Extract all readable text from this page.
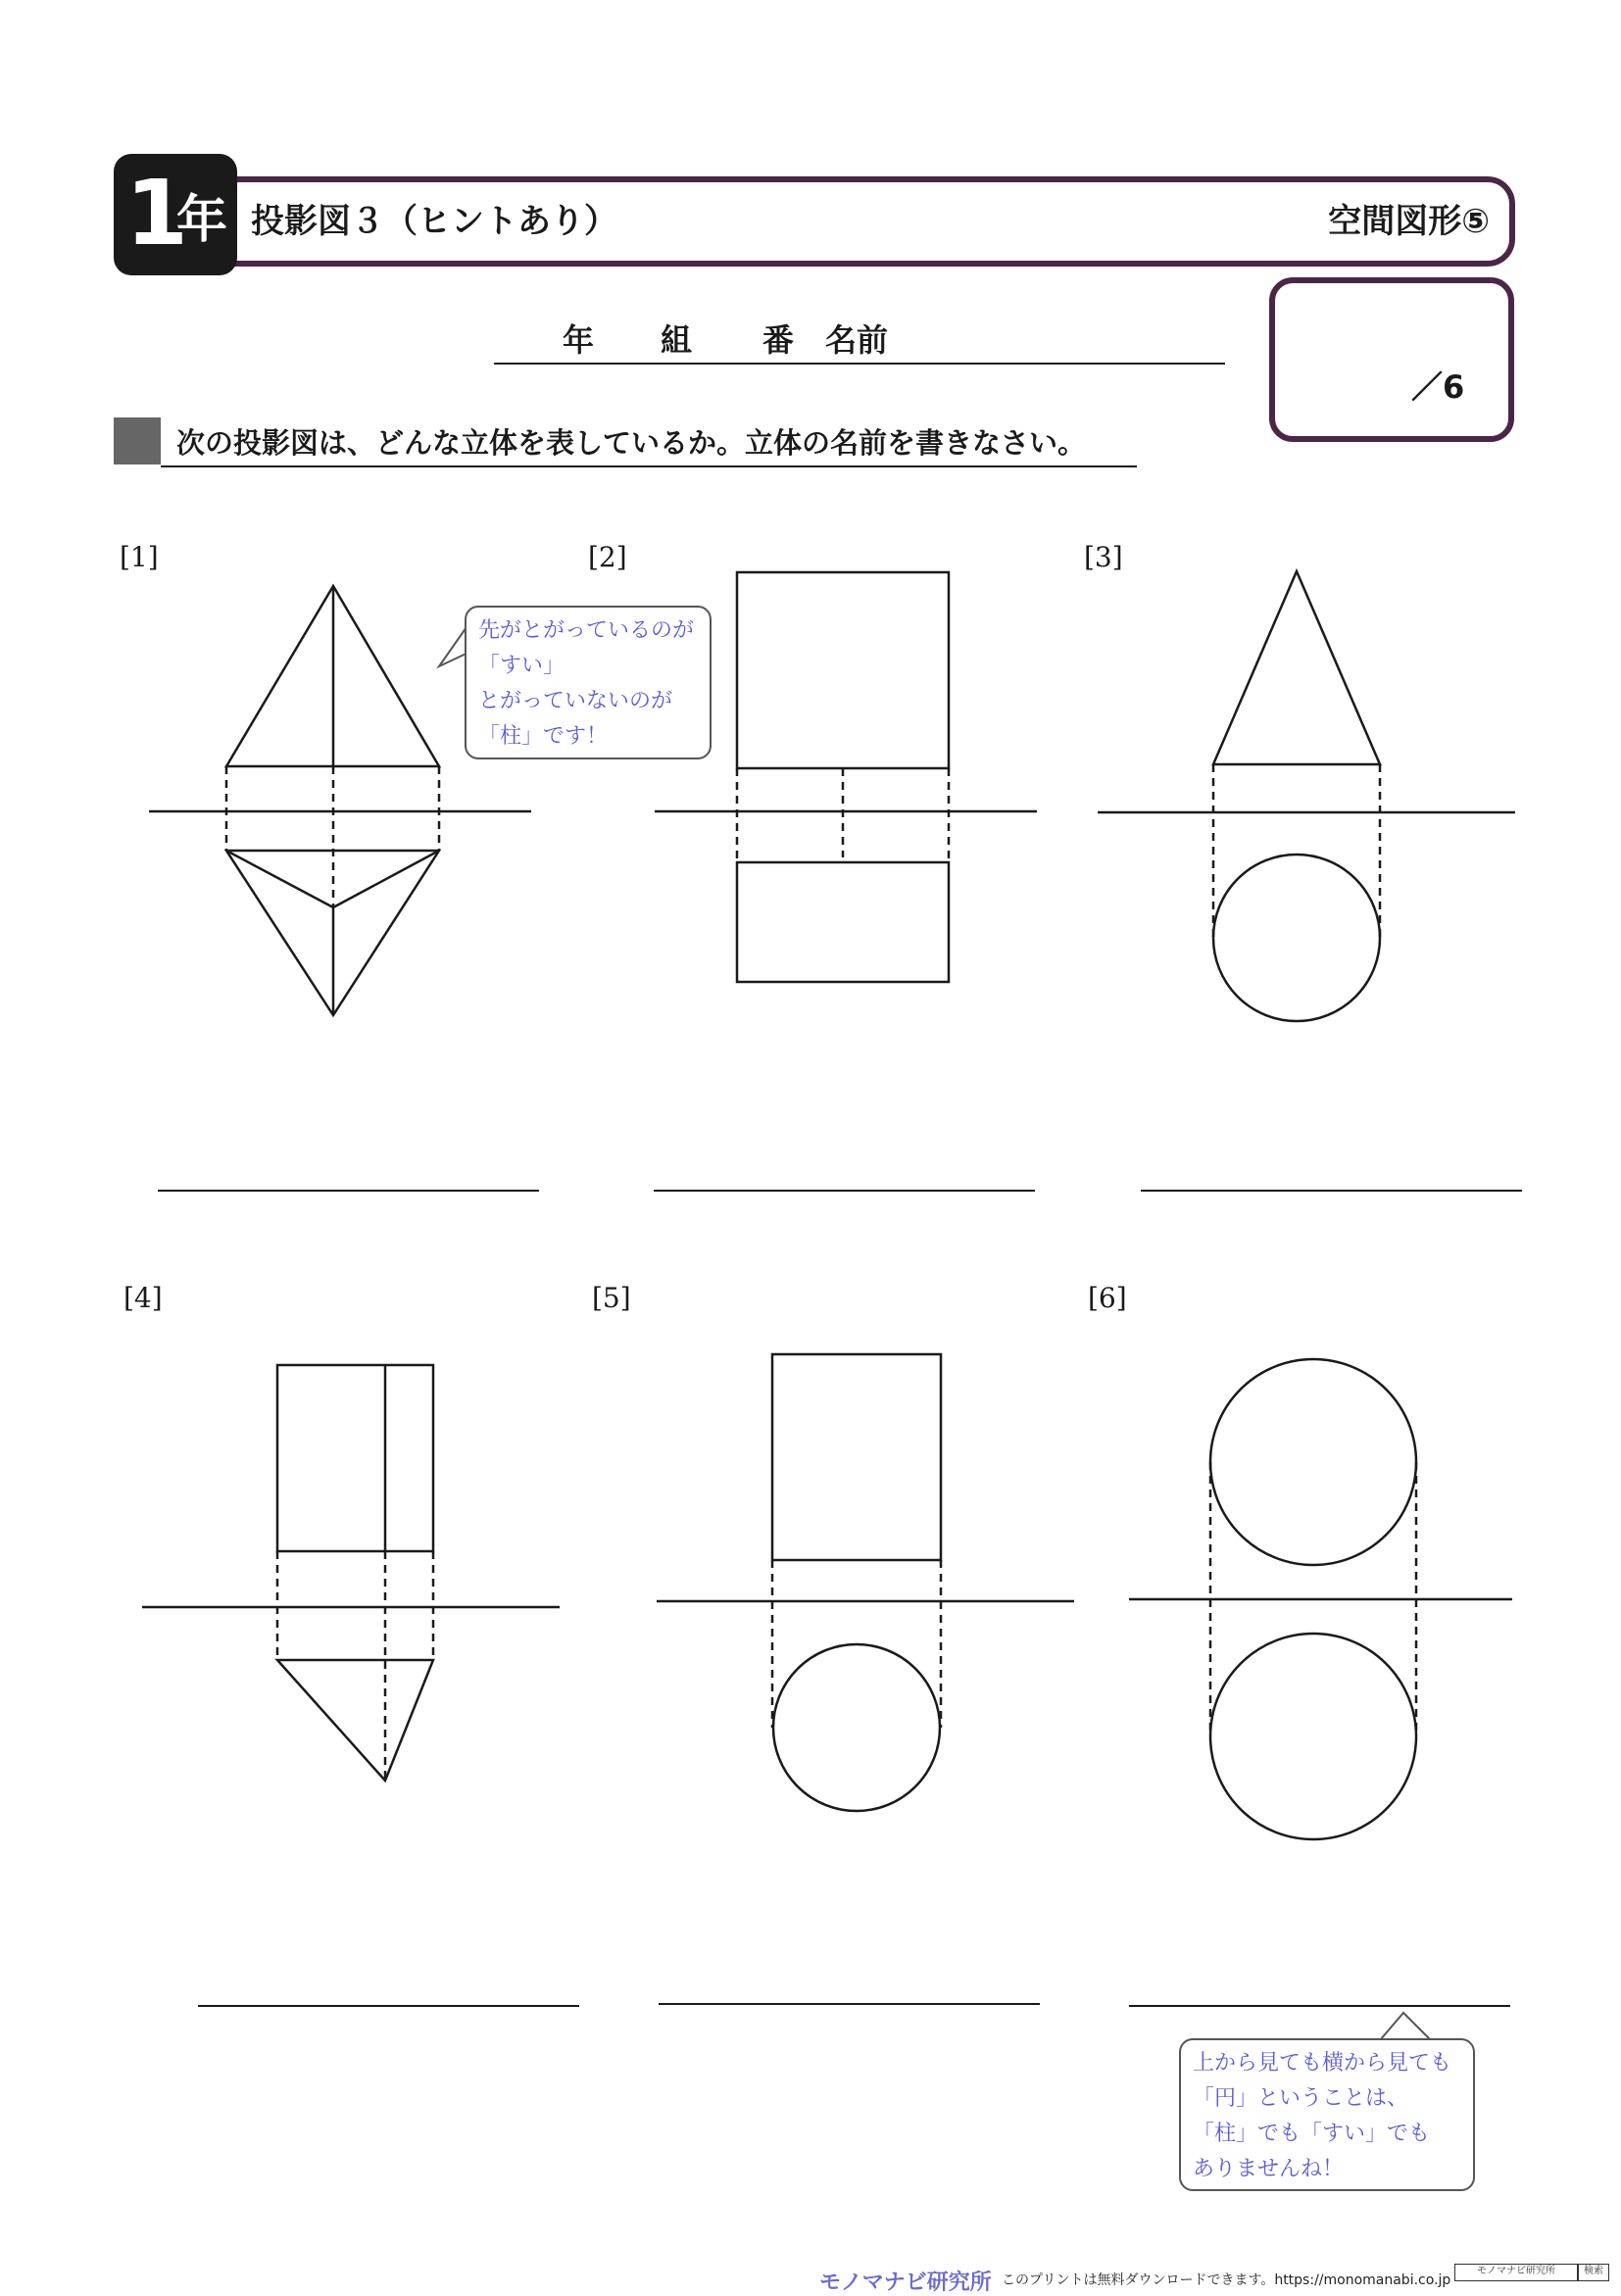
1
年 投影図３（ヒントあり）	空間図形⑤
年 組 番 名前
／6
次の投影図は、どんな立体を表しているか。立体の名前を書きなさい。
[1]	[2]	[3]
[4]	[5]	[6]
先がとがっているのが
「すい」
とがっていないのが
「柱」です！
上から見ても横から見ても
「円」ということは、
「柱」でも「すい」でも
ありませんね！
モノマナビ研究所 このプリントは無料ダウンロードできます。https://monomanabi.co.jp
モノマナビ研究所	検索
